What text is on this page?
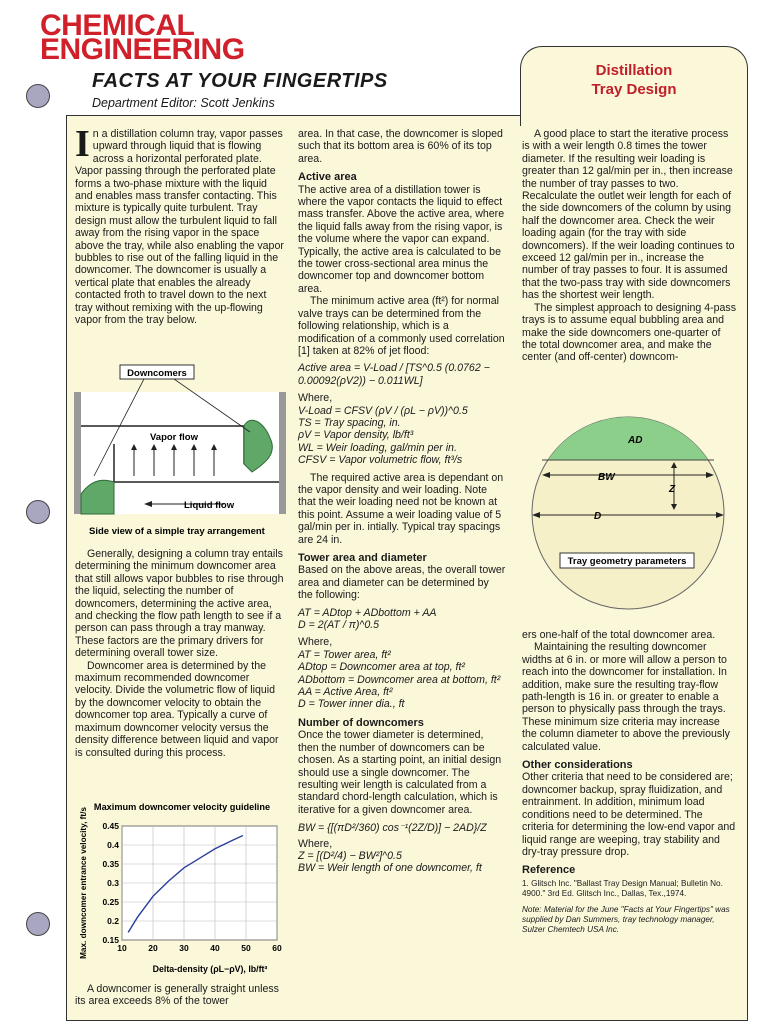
CHEMICAL
ENGINEERING
FACTS AT YOUR FINGERTIPS
Department Editor: Scott Jenkins
Distillation
Tray Design

In a distillation column tray, vapor passes upward through liquid that is flowing across a horizontal perforated plate. Vapor passing through the perforated plate forms a two-phase mixture with the liquid and enables mass transfer contacting. This mixture is typically quite turbulent. Tray design must allow the turbulent liquid to fall away from the rising vapor in the space above the tray, while also enabling the vapor bubbles to rise out of the falling liquid in the downcomer. The downcomer is usually a vertical plate that enables the already contacted froth to travel down to the next tray without remixing with the up-flowing vapor from the tray below.

Downcomers
Vapor flow
Liquid flow
Side view of a simple tray arrangement

Generally, designing a column tray entails determining the minimum downcomer area that still allows vapor bubbles to rise through the liquid, selecting the number of downcomers, determining the active area, and checking the flow path length to see if a person can pass through a tray manway. These factors are the primary drivers for determining overall tower size.

Downcomer area is determined by the maximum recommended downcomer velocity. Divide the volumetric flow of liquid by the downcomer velocity to obtain the downcomer top area. Typically a curve of maximum downcomer velocity versus the density difference between liquid and vapor is consulted during this process.

Maximum downcomer velocity guideline
10	20	30	40	50	60
0.15
0.2
0.25
0.3
0.35
0.4
0.45
Max. downcomer entrance velocity, ft/s
Delta-density (ρL−ρV), lb/ft³

A downcomer is generally straight unless its area exceeds 8% of the tower

area. In that case, the downcomer is sloped such that its bottom area is 60% of its top area.

Active area

The active area of a distillation tower is where the vapor contacts the liquid to effect mass transfer. Above the active area, where the liquid falls away from the rising vapor, is the volume where the vapor can expand. Typically, the active area is calculated to be the tower cross-sectional area minus the downcomer top and downcomer bottom area.

The minimum active area (ft²) for normal valve trays can be determined from the following relationship, which is a modification of a commonly used correlation [1] taken at 82% of jet flood:

Active area = V-Load / [TS^0.5 (0.0762 − 0.00092(ρV2)) − 0.011WL]

Where,

V-Load = CFSV (ρV / (ρL − ρV))^0.5

TS = Tray spacing, in.

ρV = Vapor density, lb/ft³

WL = Weir loading, gal/min per in.

CFSV = Vapor volumetric flow, ft³/s

The required active area is dependant on the vapor density and weir loading. Note that the weir loading need not be known at this point. Assume a weir loading value of 5 gal/min per in. intially. Typical tray spacings are 24 in.

Tower area and diameter

Based on the above areas, the overall tower area and diameter can be determined by the following:

AT = ADtop + ADbottom + AA

D = 2(AT / π)^0.5

Where,

AT = Tower area, ft²

ADtop = Downcomer area at top, ft²

ADbottom = Downcomer area at bottom, ft²

AA = Active Area, ft²

D = Tower inner dia., ft

Number of downcomers

Once the tower diameter is determined, then the number of downcomers can be chosen. As a starting point, an initial design should use a single downcomer. The resulting weir length is calculated from a standard chord-length calculation, which is iterative for a given downcomer area.

BW = {[(πD²/360) cos⁻¹(2Z/D)] − 2AD}/Z

Where,

Z = [(D²/4) − BW²]^0.5

BW = Weir length of one downcomer, ft

A good place to start the iterative process is with a weir length 0.8 times the tower diameter. If the resulting weir loading is greater than 12 gal/min per in., then increase the number of tray passes to two. Recalculate the outlet weir length for each of the side downcomers of the column by using half the downcomer area. Check the weir loading again (for the tray with side downcomers). If the weir loading continues to exceed 12 gal/min per in., increase the number of tray passes to four. It is assumed that the two-pass tray with side downcomers has the shortest weir length.

The simplest approach to designing 4-pass trays is to assume equal bubbling area and make the side downcomers one-quarter of the total downcomer area, and make the center (and off-center) downcom-

AD
BW
Z
D
Tray geometry parameters

ers one-half of the total downcomer area.

Maintaining the resulting downcomer widths at 6 in. or more will allow a person to reach into the downcomer for installation. In addition, make sure the resulting tray-flow path-length is 16 in. or greater to enable a person to physically pass through the trays. These minimum size criteria may increase the column diameter to above the previously calculated value.

Other considerations

Other criteria that need to be considered are; downcomer backup, spray fluidization, and entrainment. In addition, minimum load conditions need to be determined. The criteria for determining the low-end vapor and liquid range are weeping, tray stability and dry-tray pressure drop.

Reference

1. Glitsch Inc. "Ballast Tray Design Manual; Bulletin No. 4900." 3rd Ed. Glitsch Inc., Dallas, Tex.,1974.

Note: Material for the June "Facts at Your Fingertips" was supplied by Dan Summers, tray technology manager, Sulzer Chemtech USA Inc.
